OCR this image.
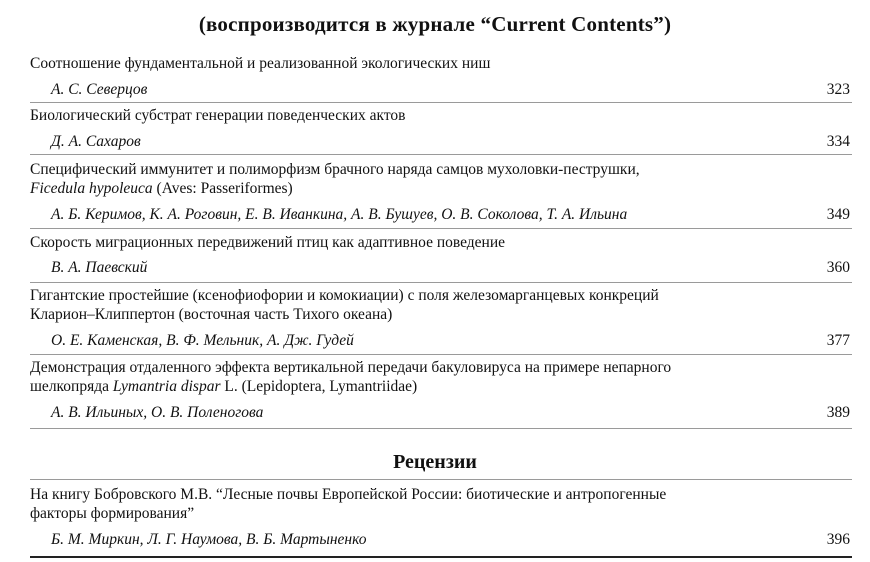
(воспроизводится в журнале “Current Contents”)
Соотношение фундаментальной и реализованной экологических ниш
А. С. Северцов	323
Биологический субстрат генерации поведенческих актов
Д. А. Сахаров	334
Специфический иммунитет и полиморфизм брачного наряда самцов мухоловки-пеструшки,
Ficedula hypoleuca (Aves: Passeriformes)
А. Б. Керимов, К. А. Роговин, Е. В. Иванкина, А. В. Бушуев, О. В. Соколова, Т. А. Ильина	349
Скорость миграционных передвижений птиц как адаптивное поведение
В. А. Паевский	360
Гигантские простейшие (ксенофиофории и комокиации) с поля железомарганцевых конкреций
Кларион–Клиппертон (восточная часть Тихого океана)
О. Е. Каменская, В. Ф. Мельник, А. Дж. Гудей	377
Демонстрация отдаленного эффекта вертикальной передачи бакуловируса на примере непарного
шелкопряда Lymantria dispar L. (Lepidoptera, Lymantriidae)
А. В. Ильиных, О. В. Поленогова	389
Рецензии
На книгу Бобровского М.В. “Лесные почвы Европейской России: биотические и антропогенные
факторы формирования”
Б. М. Миркин, Л. Г. Наумова, В. Б. Мартыненко	396
